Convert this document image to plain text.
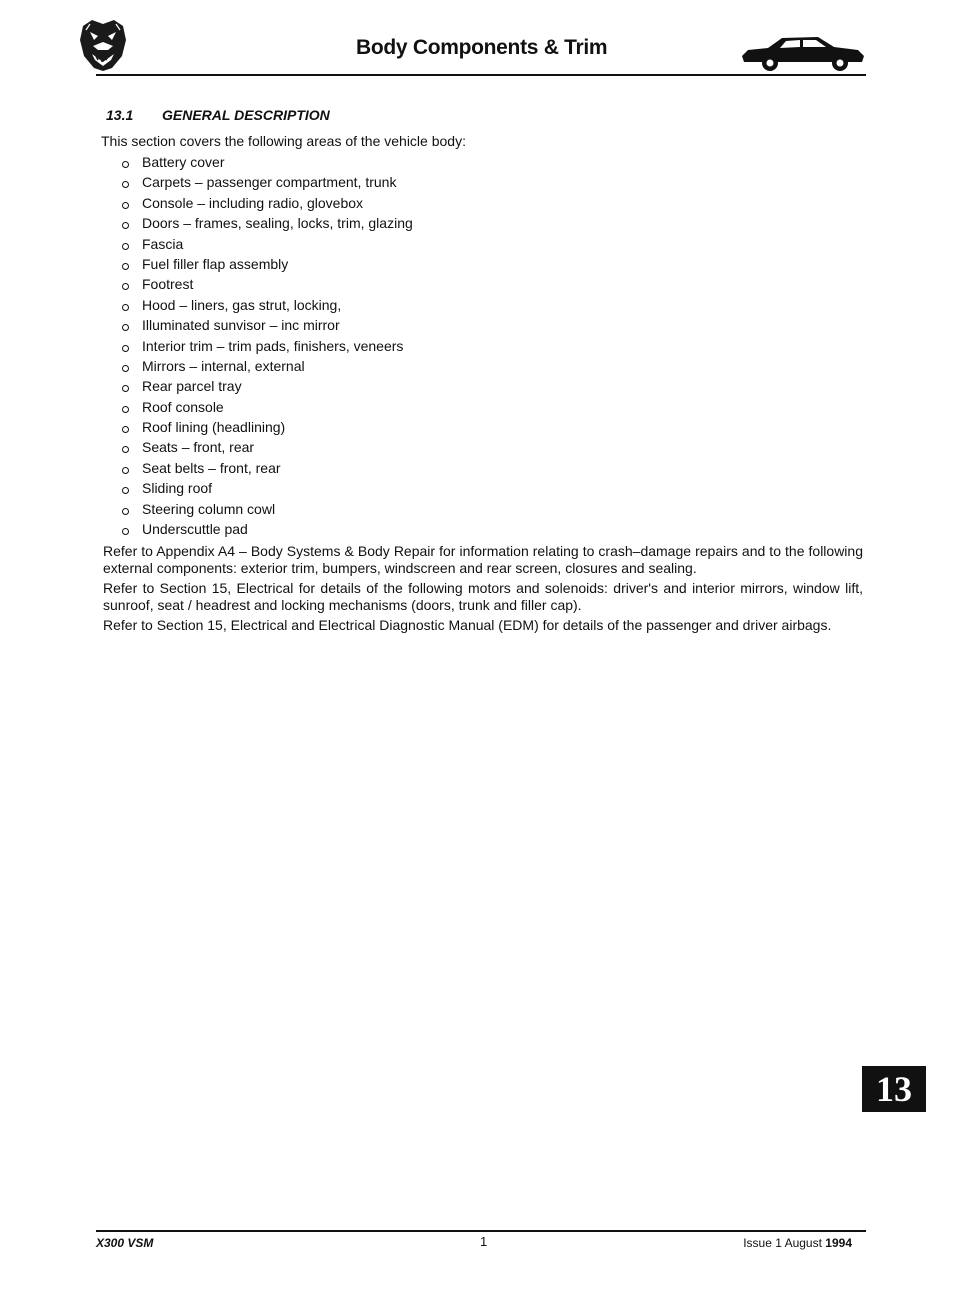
Body Components & Trim
13.1 GENERAL DESCRIPTION
This section covers the following areas of the vehicle body:
Battery cover
Carpets – passenger compartment, trunk
Console – including radio, glovebox
Doors – frames, sealing, locks, trim, glazing
Fascia
Fuel filler flap assembly
Footrest
Hood – liners, gas strut, locking,
Illuminated sunvisor – inc mirror
Interior trim – trim pads, finishers, veneers
Mirrors – internal, external
Rear parcel tray
Roof console
Roof lining (headlining)
Seats – front, rear
Seat belts – front, rear
Sliding roof
Steering column cowl
Underscuttle pad

Refer to Appendix A4 – Body Systems & Body Repair for information relating to crash–damage repairs and to the following external components: exterior trim, bumpers, windscreen and rear screen, closures and sealing.

Refer to Section 15, Electrical for details of the following motors and solenoids: driver's and interior mirrors, window lift, sunroof, seat / headrest and locking mechanisms (doors, trunk and filler cap).

Refer to Section 15, Electrical and Electrical Diagnostic Manual (EDM) for details of the passenger and driver airbags.

13
X300 VSM	1	Issue 1 August 1994
